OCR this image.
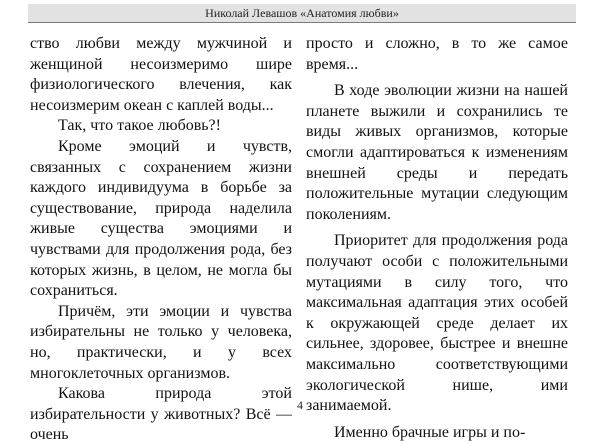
Николай Левашов «Анатомия любви»

ство любви между мужчиной и женщиной несоизмеримо шире физиологического влечения, как несоизмерим океан с каплей воды...

Так, что такое любовь?!

Кроме эмоций и чувств, связанных с сохранением жизни каждого индивидуума в борьбе за существование, природа наделила живые существа эмоциями и чувствами для продолжения рода, без которых жизнь, в целом, не могла бы сохраниться.

Причём, эти эмоции и чувства избирательны не только у человека, но, практически, и у всех многоклеточных организмов.

Какова природа этой избирательности у животных? Всё — очень

просто и сложно, в то же самое время...

В ходе эволюции жизни на нашей планете выжили и сохранились те виды живых организмов, которые смогли адаптироваться к изменениям внешней среды и передать положительные мутации следующим поколениям.

Приоритет для продолжения рода получают особи с положительными мутациями в силу того, что максимальная адаптация этих особей к окружающей среде делает их сильнее, здоровее, быстрее и внешне максимально соответствующими экологической нише, ими занимаемой.

Именно брачные игры и по-

4
